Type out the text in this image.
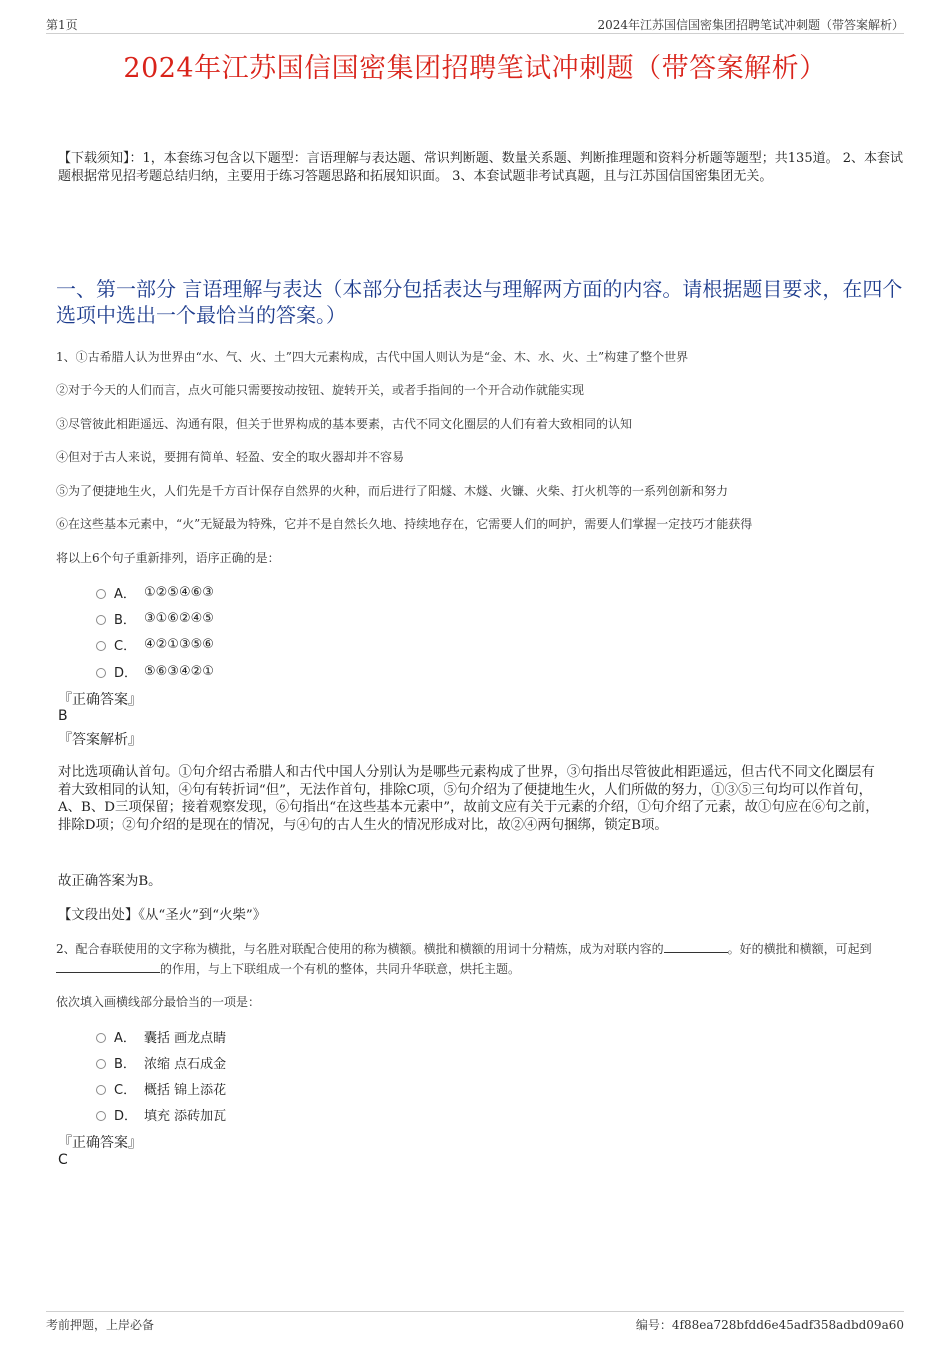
第1页	2024年江苏国信国密集团招聘笔试冲刺题（带答案解析）
2024年江苏国信国密集团招聘笔试冲刺题（带答案解析）

【下载须知】：1，本套练习包含以下题型：言语理解与表达题、常识判断题、数量关系题、判断推理题和资料分析题等题型；共135道。 2、本套试题根据常见招考题总结归纳，主要用于练习答题思路和拓展知识面。 3、本套试题非考试真题，且与江苏国信国密集团无关。

一、第一部分 言语理解与表达（本部分包括表达与理解两方面的内容。请根据题目要求，在四个选项中选出一个最恰当的答案。）

1、①古希腊人认为世界由“水、气、火、土”四大元素构成，古代中国人则认为是“金、木、水、火、土”构建了整个世界

②对于今天的人们而言，点火可能只需要按动按钮、旋转开关，或者手指间的一个开合动作就能实现

③尽管彼此相距遥远、沟通有限，但关于世界构成的基本要素，古代不同文化圈层的人们有着大致相同的认知

④但对于古人来说，要拥有简单、轻盈、安全的取火器却并不容易

⑤为了便捷地生火，人们先是千方百计保存自然界的火种，而后进行了阳燧、木燧、火镰、火柴、打火机等的一系列创新和努力

⑥在这些基本元素中，“火”无疑最为特殊，它并不是自然长久地、持续地存在，它需要人们的呵护，需要人们掌握一定技巧才能获得

将以上6个句子重新排列，语序正确的是：

A． ①②⑤④⑥③
B． ③①⑥②④⑤
C． ④②①③⑤⑥
D． ⑤⑥③④②①
『正确答案』
B
『答案解析』

对比选项确认首句。①句介绍古希腊人和古代中国人分别认为是哪些元素构成了世界，③句指出尽管彼此相距遥远，但古代不同文化圈层有着大致相同的认知，④句有转折词“但”，无法作首句，排除C项，⑤句介绍为了便捷地生火，人们所做的努力，①③⑤三句均可以作首句，A、B、D三项保留；接着观察发现，⑥句指出“在这些基本元素中”，故前文应有关于元素的介绍，①句介绍了元素，故①句应在⑥句之前，排除D项；②句介绍的是现在的情况，与④句的古人生火的情况形成对比，故②④两句捆绑，锁定B项。

故正确答案为B。

【文段出处】《从“圣火”到“火柴”》

2、配合春联使用的文字称为横批，与名胜对联配合使用的称为横额。横批和横额的用词十分精炼，成为对联内容的	。好的横批和横额，可起到的作用，与上下联组成一个有机的整体，共同升华联意，烘托主题。

依次填入画横线部分最恰当的一项是：

A． 囊括 画龙点睛
B． 浓缩 点石成金
C． 概括 锦上添花
D． 填充 添砖加瓦
『正确答案』
C
考前押题，上岸必备	编号：4f88ea728bfdd6e45adf358adbd09a60
